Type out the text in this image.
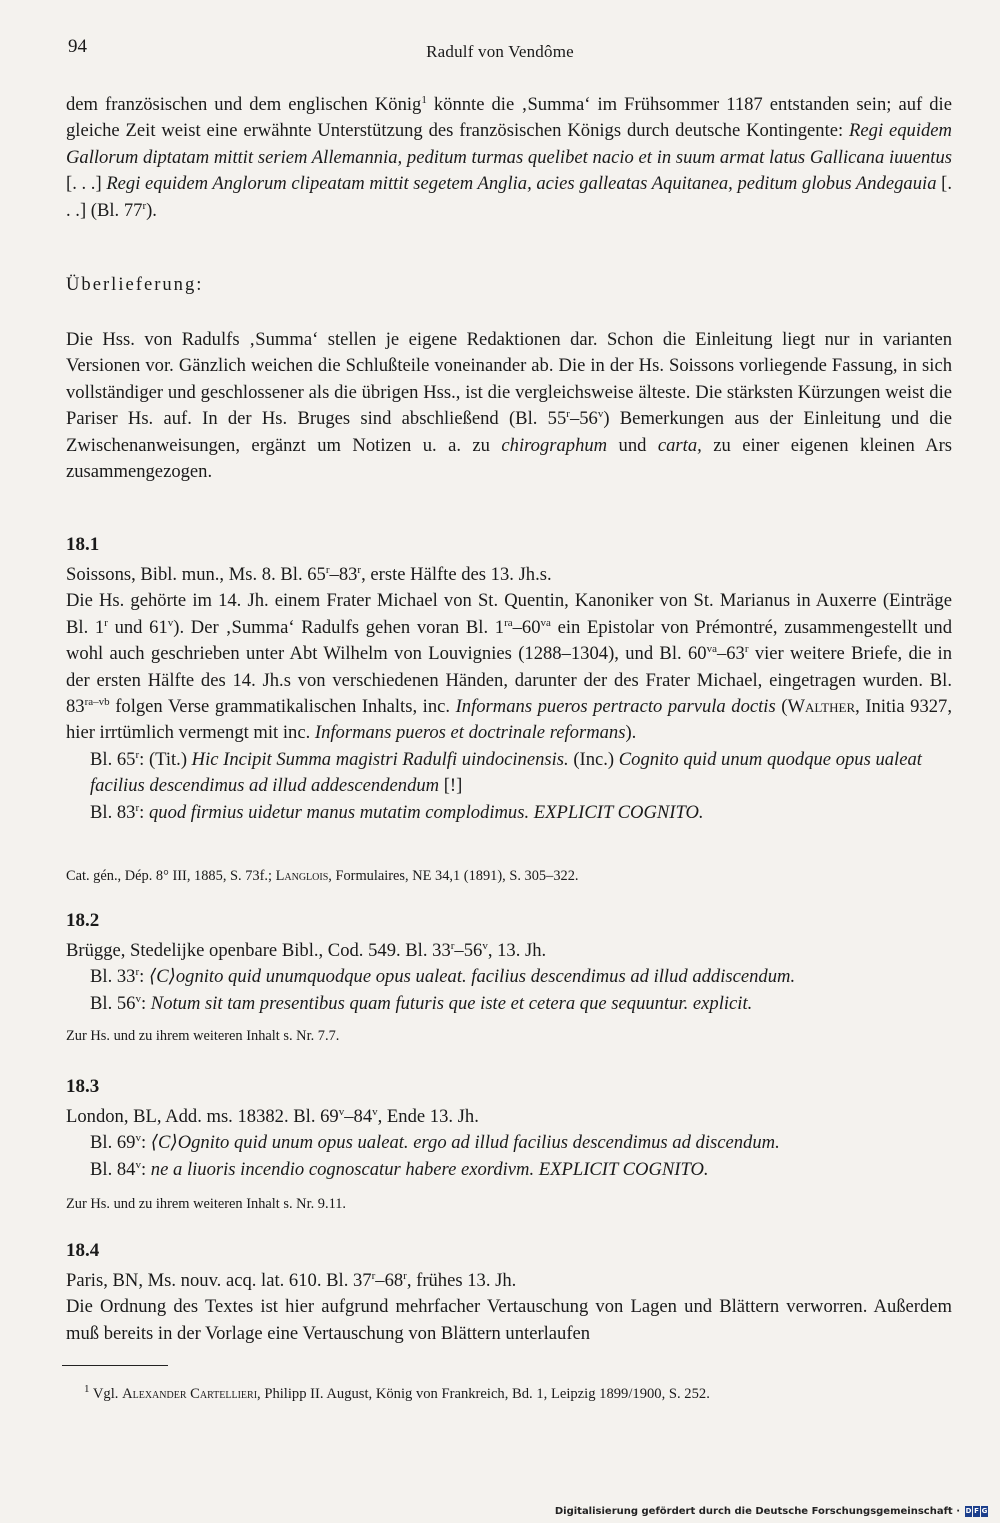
94	Radulf von Vendôme

dem französischen und dem englischen König$^1$ könnte die ‚Summa‘ im Frühsommer 1187 entstanden sein; auf die gleiche Zeit weist eine erwähnte Unterstützung des französischen Königs durch deutsche Kontingente: Regi equidem Gallorum diptatam mittit seriem Allemannia, peditum turmas quelibet nacio et in suum armat latus Gallicana iuuentus [. . .] Regi equidem Anglorum clipeatam mittit segetem Anglia, acies galleatas Aquitanea, peditum globus Andegauia [. . .] (Bl. 77$^r$).

Überlieferung:

Die Hss. von Radulfs ‚Summa‘ stellen je eigene Redaktionen dar. Schon die Einleitung liegt nur in varianten Versionen vor. Gänzlich weichen die Schlußteile voneinander ab. Die in der Hs. Soissons vorliegende Fassung, in sich vollständiger und geschlossener als die übrigen Hss., ist die vergleichsweise älteste. Die stärksten Kürzungen weist die Pariser Hs. auf. In der Hs. Bruges sind abschließend (Bl. 55$^r$–56$^v$) Bemerkungen aus der Einleitung und die Zwischenanweisungen, ergänzt um Notizen u. a. zu chirographum und carta, zu einer eigenen kleinen Ars zusammengezogen.

18.1

Soissons, Bibl. mun., Ms. 8. Bl. 65$^r$–83$^r$, erste Hälfte des 13. Jh.s.

Die Hs. gehörte im 14. Jh. einem Frater Michael von St. Quentin, Kanoniker von St. Marianus in Auxerre (Einträge Bl. 1$^r$ und 61$^v$). Der ‚Summa‘ Radulfs gehen voran Bl. $1^{ra}-60^{va}$ ein Epistolar von Prémontré, zusammengestellt und wohl auch geschrieben unter Abt Wilhelm von Louvignies (1288–1304), und Bl. $60^{va}-63^r$ vier weitere Briefe, die in der ersten Hälfte des 14. Jh.s von verschiedenen Händen, darunter der des Frater Michael, eingetragen wurden. Bl. $83^{ra-vb}$ folgen Verse grammatikalischen Inhalts, inc. Informans pueros pertracto parvula doctis (Walther, Initia 9327, hier irrtümlich vermengt mit inc. Informans pueros et doctrinale reformans).

Bl. 65$^r$: (Tit.) Hic Incipit Summa magistri Radulfi uindocinensis. (Inc.) Cognito quid unum quodque opus ualeat facilius descendimus ad illud addescendendum [!]

Bl. 83$^r$: quod firmius uidetur manus mutatim complodimus. EXPLICIT COGNITO.

Cat. gén., Dép. 8° III, 1885, S. 73f.; Langlois, Formulaires, NE 34,1 (1891), S. 305–322.
18.2

Brügge, Stedelijke openbare Bibl., Cod. 549. Bl. 33$^r$–56$^v$, 13. Jh.

Bl. 33$^r$: ⟨C⟩ognito quid unumquodque opus ualeat. facilius descendimus ad illud addiscendum.

Bl. 56$^v$: Notum sit tam presentibus quam futuris que iste et cetera que sequuntur. explicit.

Zur Hs. und zu ihrem weiteren Inhalt s. Nr. 7.7.
18.3

London, BL, Add. ms. 18382. Bl. 69$^v$–84$^v$, Ende 13. Jh.

Bl. 69$^v$: ⟨C⟩Ognito quid unum opus ualeat. ergo ad illud facilius descendimus ad discendum.

Bl. 84$^v$: ne a liuoris incendio cognoscatur habere exordivm. EXPLICIT COGNITO.

Zur Hs. und zu ihrem weiteren Inhalt s. Nr. 9.11.
18.4

Paris, BN, Ms. nouv. acq. lat. 610. Bl. 37$^r$–68$^r$, frühes 13. Jh.

Die Ordnung des Textes ist hier aufgrund mehrfacher Vertauschung von Lagen und Blättern verworren. Außerdem muß bereits in der Vorlage eine Vertauschung von Blättern unterlaufen

$^1$ Vgl. Alexander Cartellieri, Philipp II. August, König von Frankreich, Bd. 1, Leipzig 1899/1900, S. 252.
Digitalisierung gefördert durch die Deutsche Forschungsgemeinschaft · D F G
